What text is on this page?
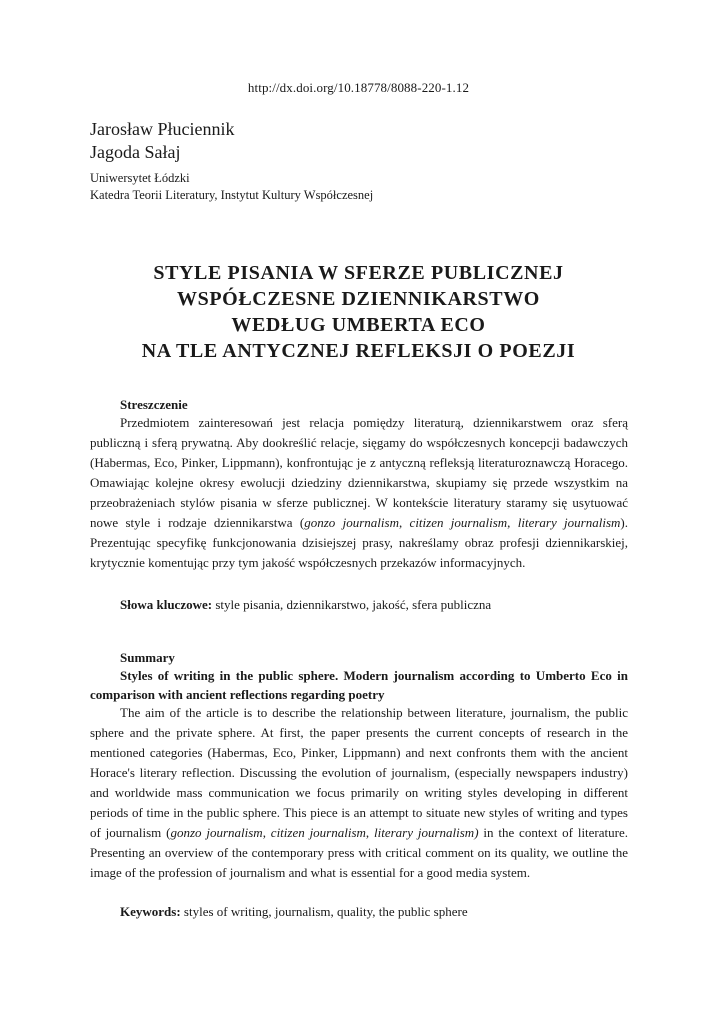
http://dx.doi.org/10.18778/8088-220-1.12
Jarosław Płuciennik
Jagoda Sałaj
Uniwersytet Łódzki
Katedra Teorii Literatury, Instytut Kultury Współczesnej
STYLE PISANIA W SFERZE PUBLICZNEJ
WSPÓŁCZESNE DZIENNIKARSTWO
WEDŁUG UMBERTA ECO
NA TLE ANTYCZNEJ REFLEKSJI O POEZJI
Streszczenie
Przedmiotem zainteresowań jest relacja pomiędzy literaturą, dziennikarstwem oraz sferą publiczną i sferą prywatną. Aby dookreślić relacje, sięgamy do współczesnych koncepcji badawczych (Habermas, Eco, Pinker, Lippmann), konfrontując je z antyczną refleksją literaturoznawczą Horacego. Omawiając kolejne okresy ewolucji dziedziny dziennikarstwa, skupiamy się przede wszystkim na przeobrażeniach stylów pisania w sferze publicznej. W kontekście literatury staramy się usytuować nowe style i rodzaje dziennikarstwa (gonzo journalism, citizen journalism, literary journalism). Prezentując specyfikę funkcjonowania dzisiejszej prasy, nakreślamy obraz profesji dziennikarskiej, krytycznie komentując przy tym jakość współczesnych przekazów informacyjnych.
Słowa kluczowe: style pisania, dziennikarstwo, jakość, sfera publiczna
Summary
Styles of writing in the public sphere. Modern journalism according to Umberto Eco in comparison with ancient reflections regarding poetry
The aim of the article is to describe the relationship between literature, journalism, the public sphere and the private sphere. At first, the paper presents the current concepts of research in the mentioned categories (Habermas, Eco, Pinker, Lippmann) and next confronts them with the ancient Horace's literary reflection. Discussing the evolution of journalism, (especially newspapers industry) and worldwide mass communication we focus primarily on writing styles developing in different periods of time in the public sphere. This piece is an attempt to situate new styles of writing and types of journalism (gonzo journalism, citizen journalism, literary journalism) in the context of literature. Presenting an overview of the contemporary press with critical comment on its quality, we outline the image of the profession of journalism and what is essential for a good media system.
Keywords: styles of writing, journalism, quality, the public sphere
